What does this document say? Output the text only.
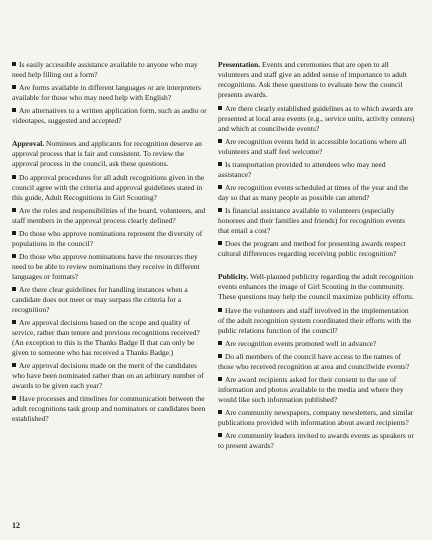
Is easily accessible assistance available to anyone who may need help filling out a form?
Are forms available in different languages or are interpreters available for those who may need help with English?
Are alternatives to a written application form, such as audio or videotapes, suggested and accepted?
Approval. Nominees and applicants for recognition deserve an approval process that is fair and consistent. To review the approval process in the council, ask these questions.
Do approval procedures for all adult recognitions given in the council agree with the criteria and approval guidelines stated in this guide, Adult Recognitions in Girl Scouting?
Are the roles and responsibilities of the board, volunteers, and staff members in the approval process clearly defined?
Do those who approve nominations represent the diversity of populations in the council?
Do those who approve nominations have the resources they need to be able to review nominations they receive in different languages or formats?
Are there clear guidelines for handling instances when a candidate does not meet or may surpass the criteria for a recognition?
Are approval decisions based on the scope and quality of service, rather than tenure and previous recognitions received? (An exception to this is the Thanks Badge II that can only be given to someone who has received a Thanks Badge.)
Are approval decisions made on the merit of the candidates who have been nominated rather than on an arbitrary number of awards to be given each year?
Have processes and timelines for communication between the adult recognitions task group and nominators or candidates been established?
Presentation. Events and ceremonies that are open to all volunteers and staff give an added sense of importance to adult recognitions. Ask these questions to evaluate how the council presents awards.
Are there clearly established guidelines as to which awards are presented at local area events (e.g., service units, activity centers) and which at councilwide events?
Are recognition events held in accessible locations where all volunteers and staff feel welcome?
Is transportation provided to attendees who may need assistance?
Are recognition events scheduled at times of the year and the day so that as many people as possible can attend?
Is financial assistance available to volunteers (especially honorees and their families and friends) for recognition events that entail a cost?
Does the program and method for presenting awards respect cultural differences regarding receiving public recognition?
Publicity. Well-planned publicity regarding the adult recognition events enhances the image of Girl Scouting in the community. These questions may help the council maximize publicity efforts.
Have the volunteers and staff involved in the implementation of the adult recognition system coordinated their efforts with the public relations function of the council?
Are recognition events promoted well in advance?
Do all members of the council have access to the names of those who received recognition at area and councilwide events?
Are award recipients asked for their consent to the use of information and photos available to the media and where they would like such information published?
Are community newspapers, company newsletters, and similar publications provided with information about award recipients?
Are community leaders invited to awards events as speakers or to present awards?
12
